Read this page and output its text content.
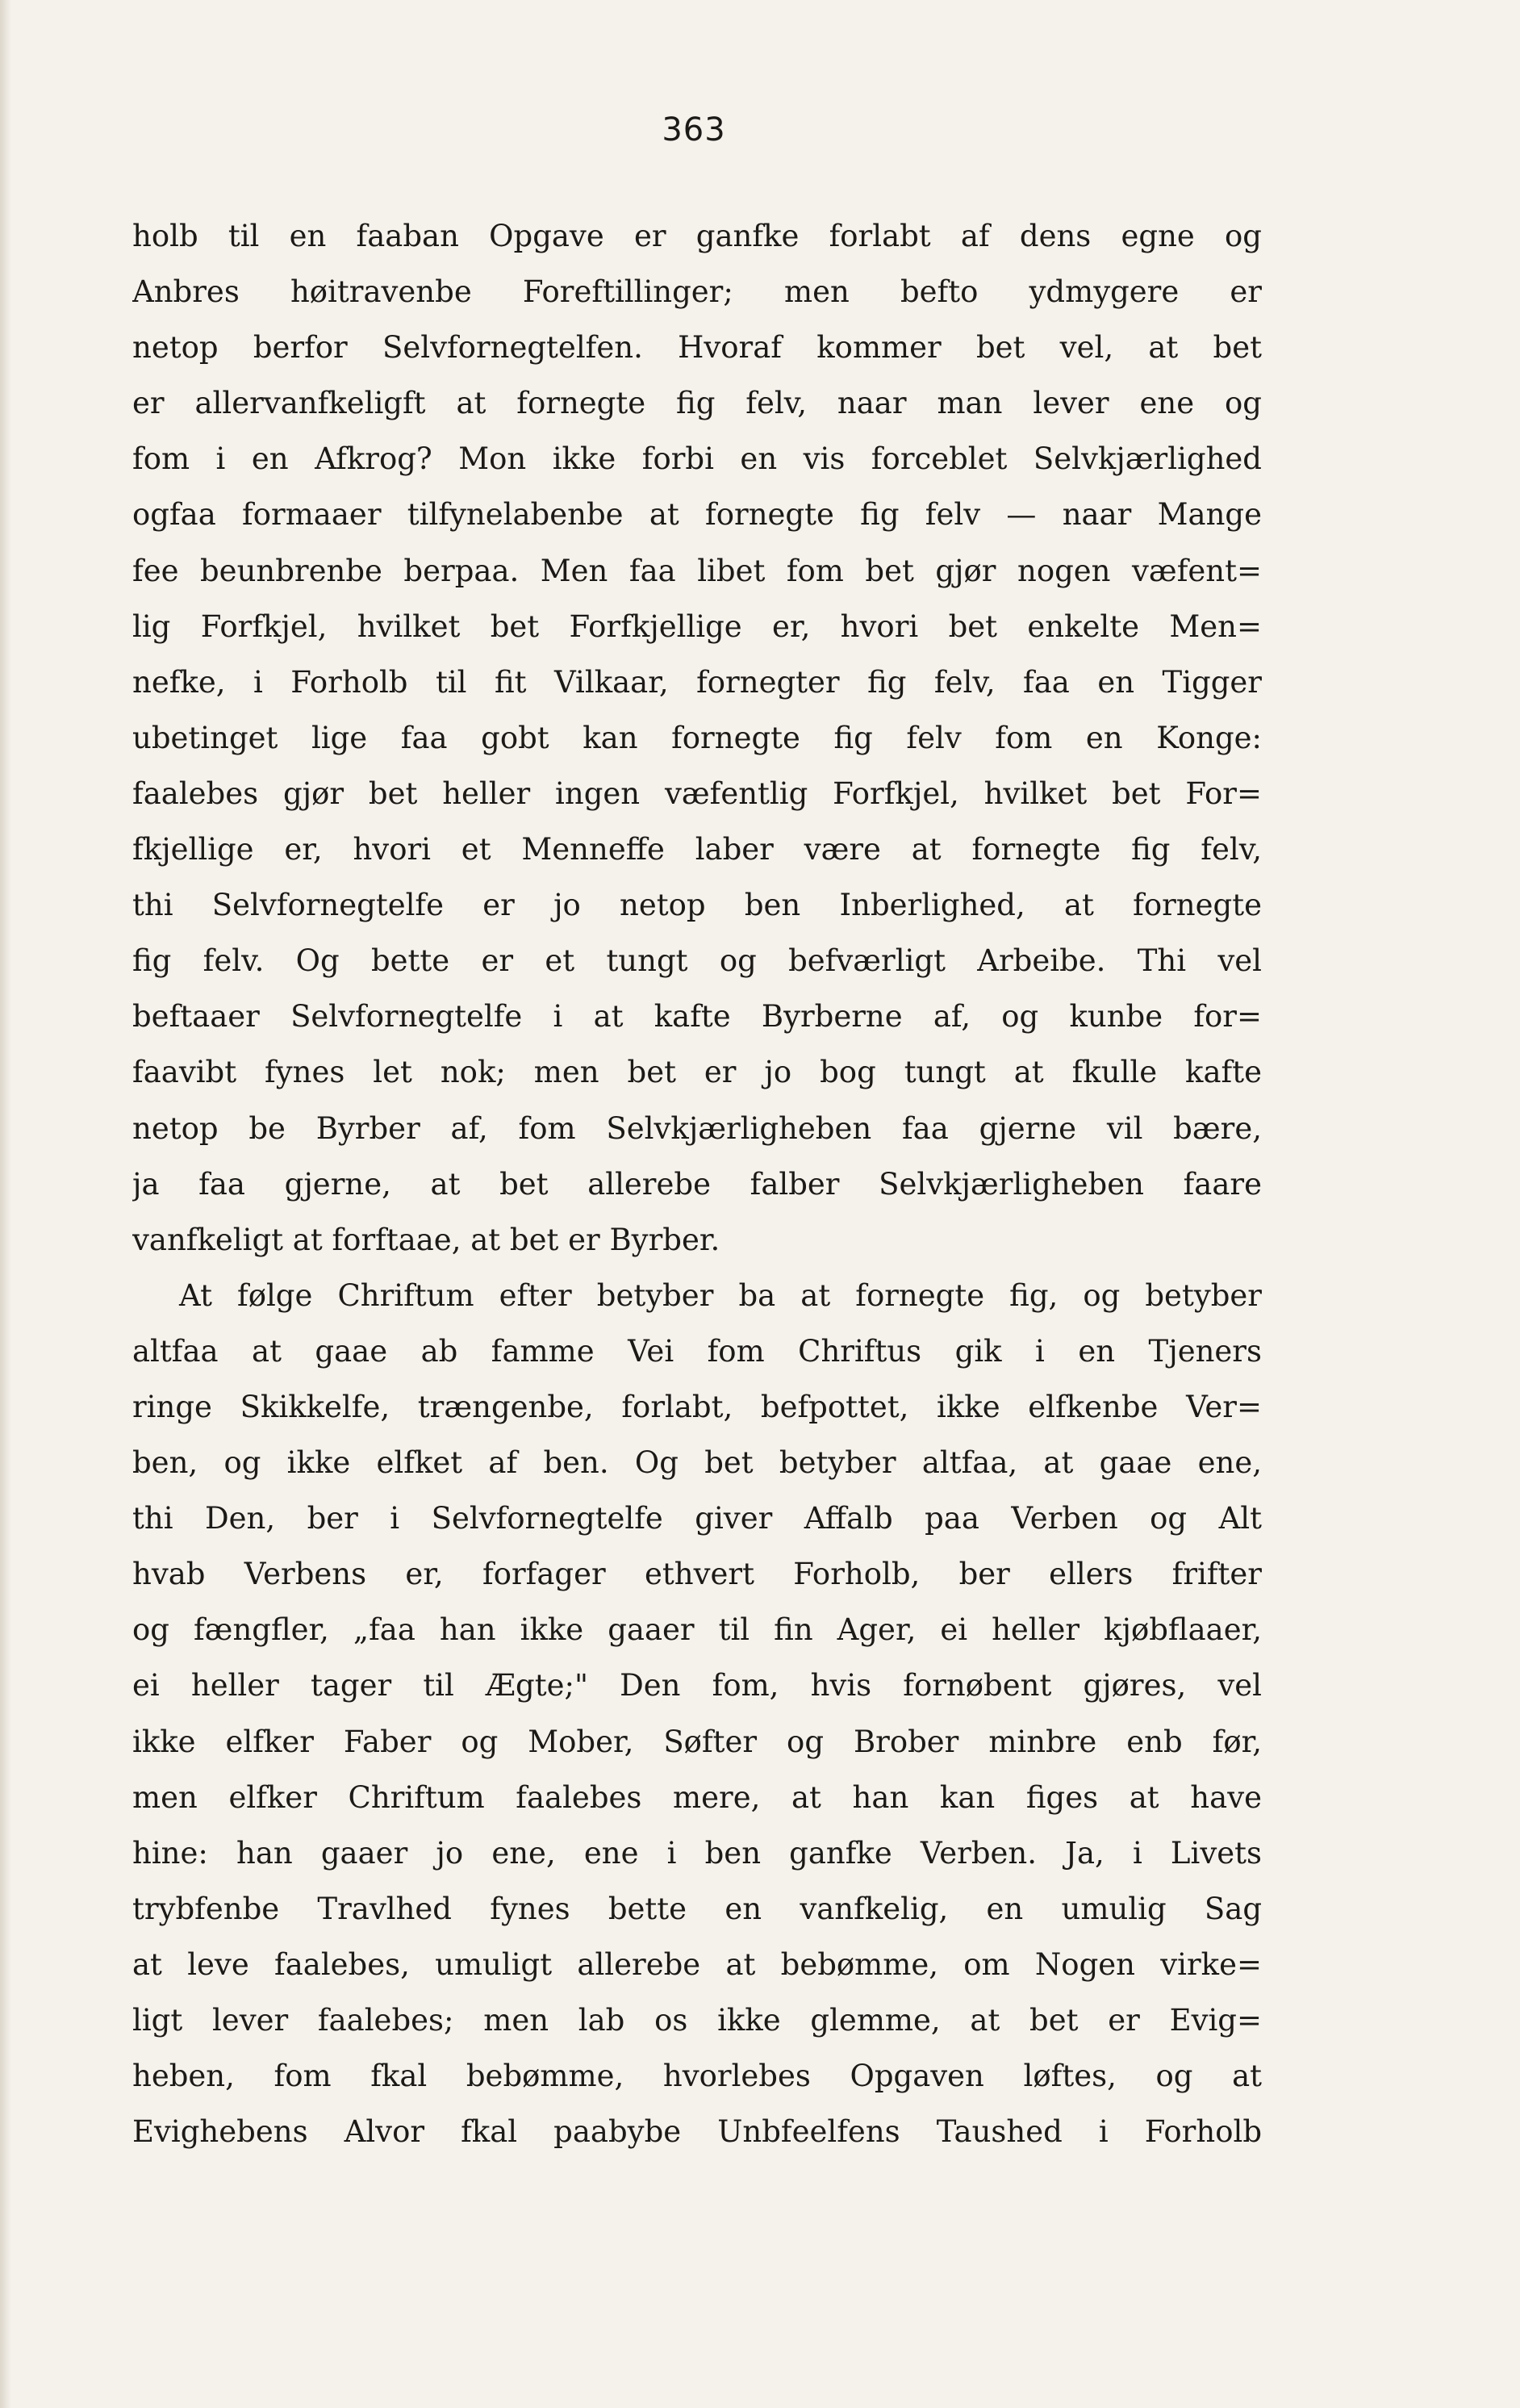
363
holb til en faaban Opgave er ganfke forlabt af dens egne og
Anbres høitravenbe Foreftillinger; men befto ydmygere er
netop berfor Selvfornegtelfen. Hvoraf kommer bet vel, at bet
er allervanfkeligft at fornegte fig felv, naar man lever ene og
fom i en Afkrog? Mon ikke forbi en vis forceblet Selvkjærlighed
ogfaa formaaer tilfynelabenbe at fornegte fig felv — naar Mange
fee beunbrenbe berpaa. Men faa libet fom bet gjør nogen væfent=
lig Forfkjel, hvilket bet Forfkjellige er, hvori bet enkelte Men=
nefke, i Forholb til fit Vilkaar, fornegter fig felv, faa en Tigger
ubetinget lige faa gobt kan fornegte fig felv fom en Konge:
faalebes gjør bet heller ingen væfentlig Forfkjel, hvilket bet For=
fkjellige er, hvori et Menneffe laber være at fornegte fig felv,
thi Selvfornegtelfe er jo netop ben Inberlighed, at fornegte
fig felv. Og bette er et tungt og befværligt Arbeibe. Thi vel
beftaaer Selvfornegtelfe i at kafte Byrberne af, og kunbe for=
faavibt fynes let nok; men bet er jo bog tungt at fkulle kafte
netop be Byrber af, fom Selvkjærligheben faa gjerne vil bære,
ja faa gjerne, at bet allerebe falber Selvkjærligheben faare
vanfkeligt at forftaae, at bet er Byrber.
At følge Chriftum efter betyber ba at fornegte fig, og betyber
altfaa at gaae ab famme Vei fom Chriftus gik i en Tjeners
ringe Skikkelfe, trængenbe, forlabt, befpottet, ikke elfkenbe Ver=
ben, og ikke elfket af ben. Og bet betyber altfaa, at gaae ene,
thi Den, ber i Selvfornegtelfe giver Affalb paa Verben og Alt
hvab Verbens er, forfager ethvert Forholb, ber ellers frifter
og fængfler, „faa han ikke gaaer til fin Ager, ei heller kjøbflaaer,
ei heller tager til Ægte;" Den fom, hvis fornøbent gjøres, vel
ikke elfker Faber og Mober, Søfter og Brober minbre enb før,
men elfker Chriftum faalebes mere, at han kan figes at have
hine: han gaaer jo ene, ene i ben ganfke Verben. Ja, i Livets
trybfenbe Travlhed fynes bette en vanfkelig, en umulig Sag
at leve faalebes, umuligt allerebe at bebømme, om Nogen virke=
ligt lever faalebes; men lab os ikke glemme, at bet er Evig=
heben, fom fkal bebømme, hvorlebes Opgaven løftes, og at
Evighebens Alvor fkal paabybe Unbfeelfens Taushed i Forholb
